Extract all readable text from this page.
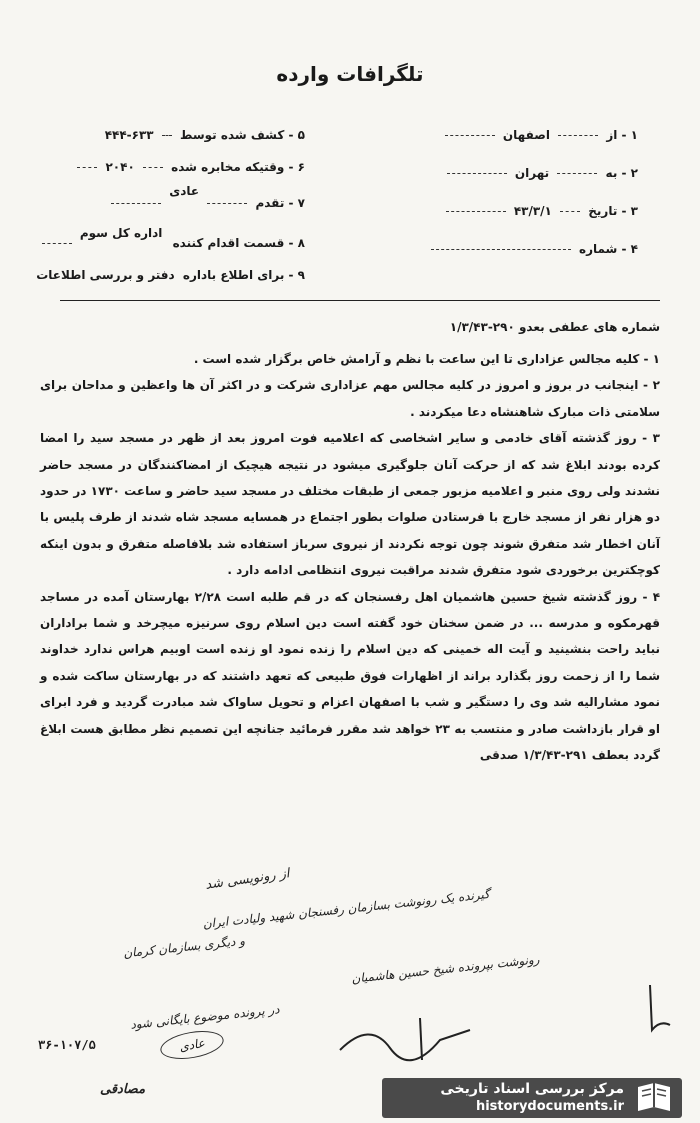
تلگرافات وارده
۱ - از  اصفهان
۲ - به  تهران
۳ - تاریخ  ۴۳/۳/۱
۴ - شماره
۵ - کشف شده توسط  ۴۴۴-۶۳۳
۶ - وقتیکه مخابره شده  ۲۰۴۰
۷ - تقدم  عادی
۸ - قسمت اقدام کننده اداره کل سوم
۹ - برای اطلاع باداره دفتر و بررسی اطلاعات
شماره های عطفی بعدو ۲۹۰-۱/۳/۴۳

۱ - کلیه مجالس عزاداری تا این ساعت با نظم و آرامش خاص برگزار شده است .

۲ - اینجانب در بروز و امروز در کلیه مجالس مهم عزاداری شرکت و در اکثر آن ها واعظین و مداحان برای سلامتی ذات مبارک شاهنشاه دعا میکردند .

۳ - روز گذشته آقای خادمی و سایر اشخاصی که اعلامیه فوت امروز بعد از ظهر در مسجد سید را امضا کرده بودند ابلاغ شد که از حرکت آنان جلوگیری میشود در نتیجه هیچیک از امضاکنندگان در مسجد حاضر نشدند ولی روی منبر و اعلامیه مزبور جمعی از طبقات مختلف در مسجد سید حاضر و ساعت ۱۷۳۰ در حدود دو هزار نفر از مسجد خارج با فرستادن صلوات بطور اجتماع در همسایه مسجد شاه شدند از طرف پلیس با آنان اخطار شد متفرق شوند چون توجه نکردند از نیروی سرباز استفاده شد بلافاصله متفرق و بدون اینکه کوچکترین برخوردی شود متفرق شدند مراقبت نیروی انتظامی ادامه دارد .

۴ - روز گذشته شیخ حسین هاشمیان اهل رفسنجان که در قم طلبه است ۲/۲۸ بهارستان آمده در مساجد قهرمکوه و مدرسه ... در ضمن سخنان خود گفته است دین اسلام روی سرنیزه میچرخد و شما براداران نباید راحت بنشینید و آیت اله خمینی که دین اسلام را زنده نمود او زنده است اوبیم هراس ندارد خداوند شما را از زحمت روز بگذارد براند از اظهارات فوق طبیعی که تعهد داشتند که در بهارستان ساکت شده و نمود مشارالیه شد وی را دستگیر و شب با اصفهان اعزام و تحویل ساواک شد مبادرت گردید و فرد ابرای او قرار بازداشت صادر و منتسب به ۲۳ خواهد شد مقرر فرمائید جنانچه این تصمیم نظر مطابق هست ابلاغ گردد بعطف ۲۹۱-۱/۳/۴۳ صدقی

از رونویسی شد
گیرنده یک رونوشت بسازمان رفسنجان شهید ولیادت ایران
و دیگری بسازمان کرمان
رونوشت بپرونده شیخ حسین هاشمیان
در پرونده موضوع بایگانی شود
عادی
مصادقی
۳۶-۱۰۷/۵
مرکز بررسی اسناد تاریخی
historydocuments.ir
